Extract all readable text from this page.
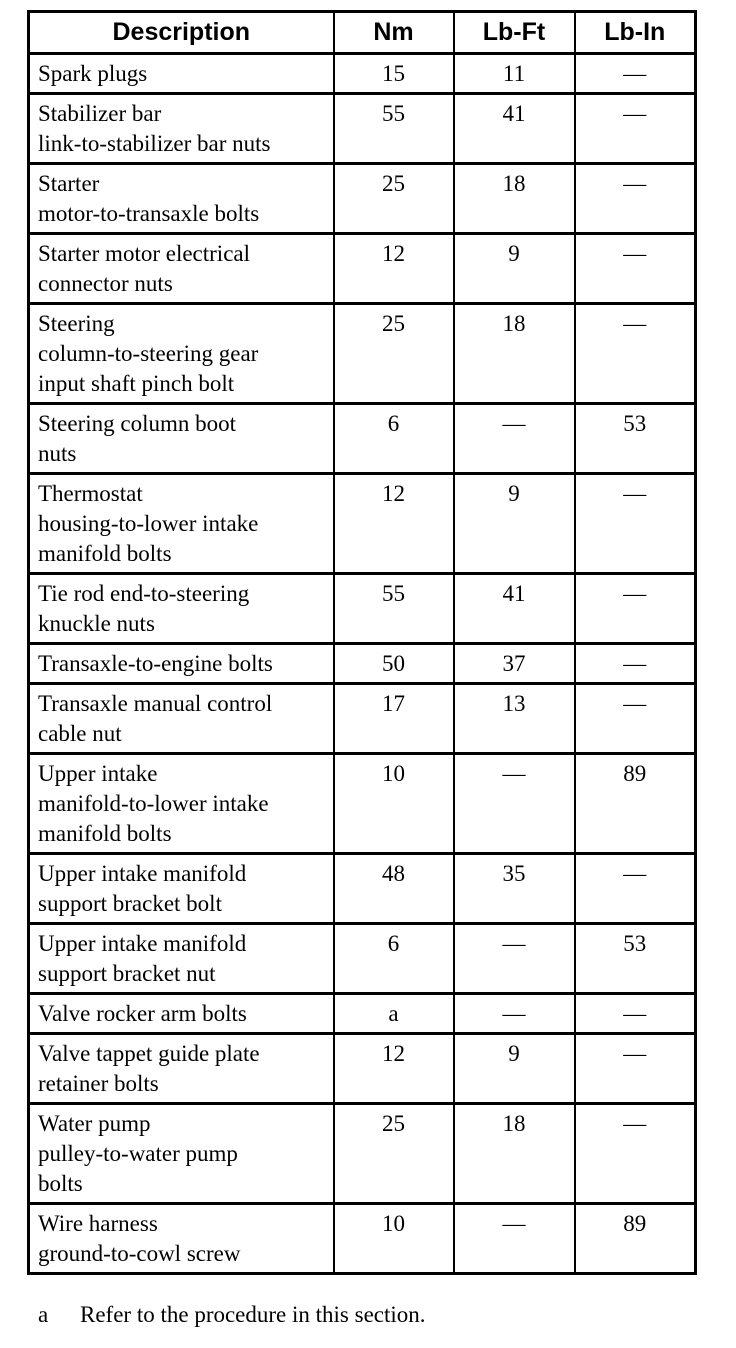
Description	Nm	Lb-Ft	Lb-In
Spark plugs	15	11	—
Stabilizer bar
link-to-stabilizer bar nuts	55	41	—
Starter
motor-to-transaxle bolts	25	18	—
Starter motor electrical
connector nuts	12	9	—
Steering
column-to-steering gear
input shaft pinch bolt	25	18	—
Steering column boot
nuts	6	—	53
Thermostat
housing-to-lower intake
manifold bolts	12	9	—
Tie rod end-to-steering
knuckle nuts	55	41	—
Transaxle-to-engine bolts	50	37	—
Transaxle manual control
cable nut	17	13	—
Upper intake
manifold-to-lower intake
manifold bolts	10	—	89
Upper intake manifold
support bracket bolt	48	35	—
Upper intake manifold
support bracket nut	6	—	53
Valve rocker arm bolts	a	—	—
Valve tappet guide plate
retainer bolts	12	9	—
Water pump
pulley-to-water pump
bolts	25	18	—
Wire harness
ground-to-cowl screw	10	—	89
a Refer to the procedure in this section.
